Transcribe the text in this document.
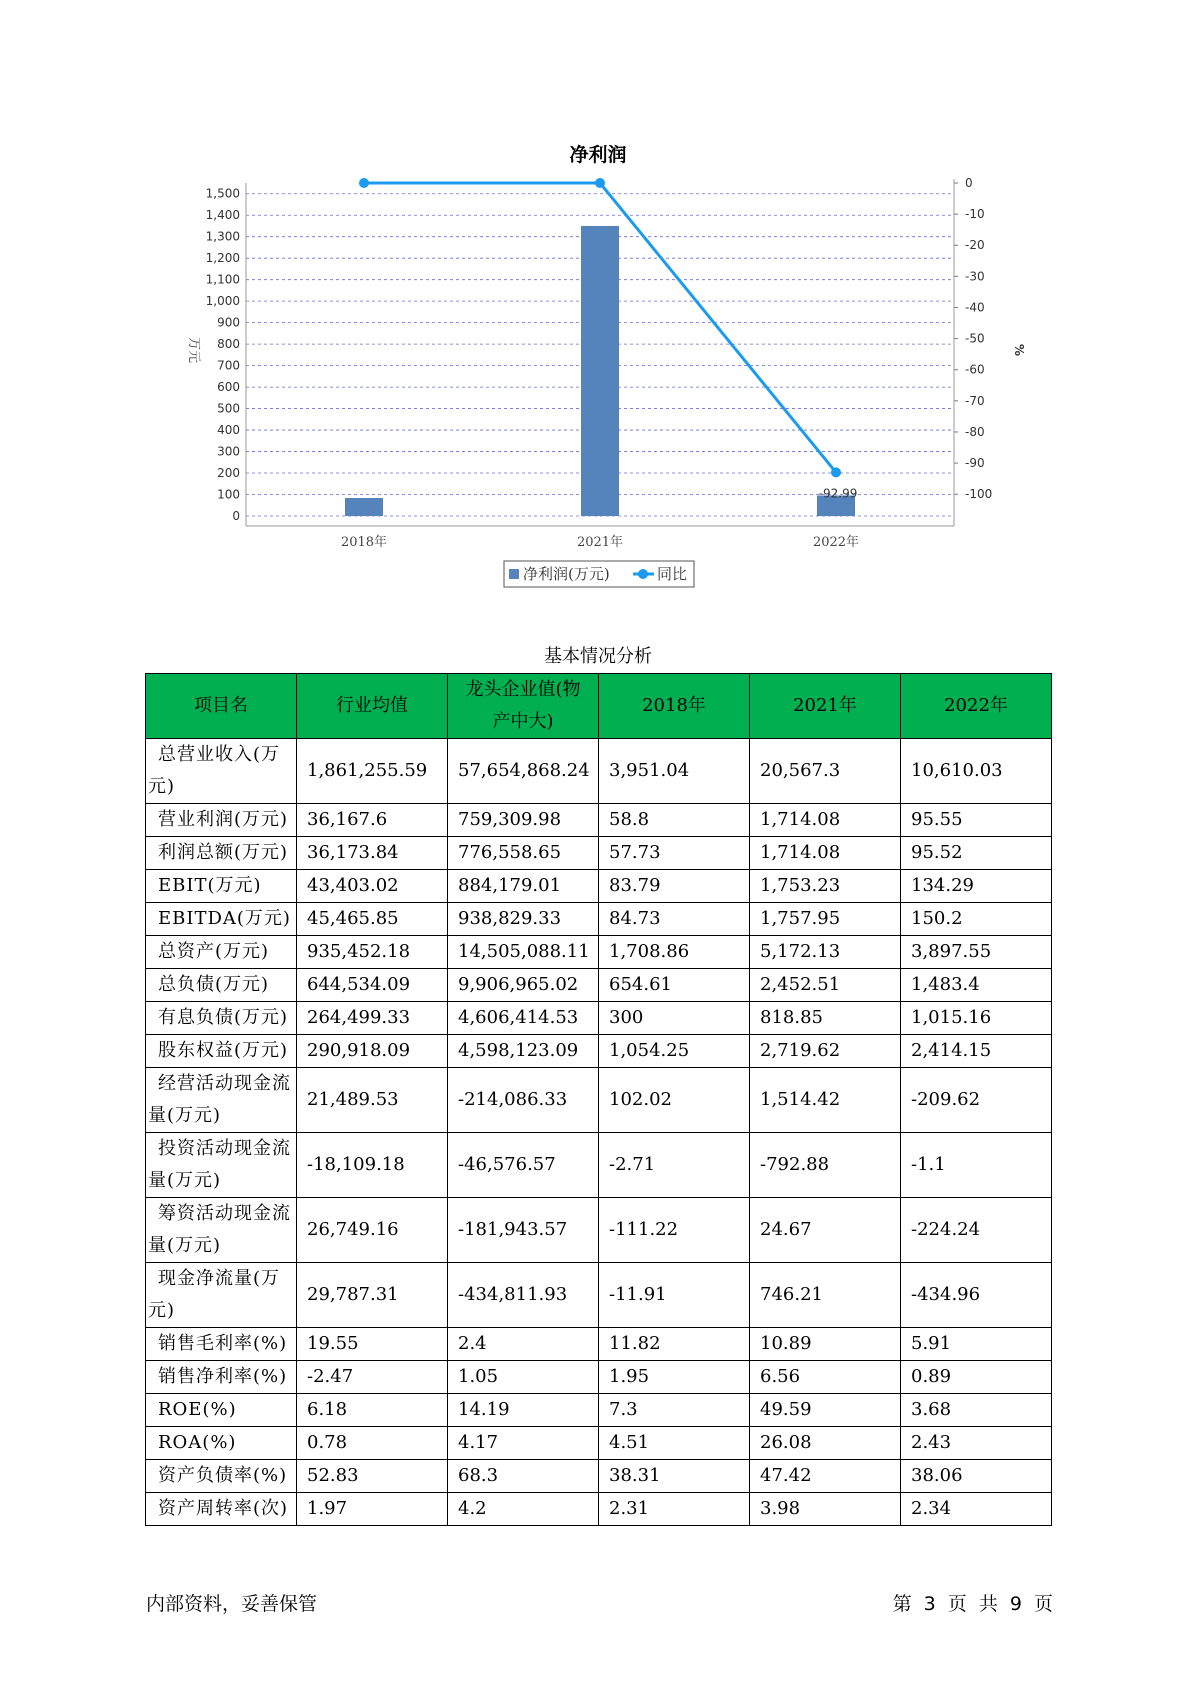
净利润
0
100
200
300
400
500
600
700
800
900
1,000
1,100
1,200
1,300
1,400
1,500
0
-10
-20
-30
-40
-50
-60
-70
-80
-90
-100
万元	%
2018年	2021年	2022年
-92.99
净利润(万元)	同比
基本情况分析
项目名	行业均值	龙头企业值(物产中大)	2018年	2021年	2022年
总营业收入(万元)	1,861,255.59	57,654,868.24	3,951.04	20,567.3	10,610.03
营业利润(万元)	36,167.6	759,309.98	58.8	1,714.08	95.55
利润总额(万元)	36,173.84	776,558.65	57.73	1,714.08	95.52
EBIT(万元)	43,403.02	884,179.01	83.79	1,753.23	134.29
EBITDA(万元)	45,465.85	938,829.33	84.73	1,757.95	150.2
总资产(万元)	935,452.18	14,505,088.11	1,708.86	5,172.13	3,897.55
总负债(万元)	644,534.09	9,906,965.02	654.61	2,452.51	1,483.4
有息负债(万元)	264,499.33	4,606,414.53	300	818.85	1,015.16
股东权益(万元)	290,918.09	4,598,123.09	1,054.25	2,719.62	2,414.15
经营活动现金流量(万元)	21,489.53	-214,086.33	102.02	1,514.42	-209.62
投资活动现金流量(万元)	-18,109.18	-46,576.57	-2.71	-792.88	-1.1
筹资活动现金流量(万元)	26,749.16	-181,943.57	-111.22	24.67	-224.24
现金净流量(万元)	29,787.31	-434,811.93	-11.91	746.21	-434.96
销售毛利率(%)	19.55	2.4	11.82	10.89	5.91
销售净利率(%)	-2.47	1.05	1.95	6.56	0.89
ROE(%)	6.18	14.19	7.3	49.59	3.68
ROA(%)	0.78	4.17	4.51	26.08	2.43
资产负债率(%)	52.83	68.3	38.31	47.42	38.06
资产周转率(次)	1.97	4.2	2.31	3.98	2.34
内部资料，妥善保管	第 3 页 共 9 页
